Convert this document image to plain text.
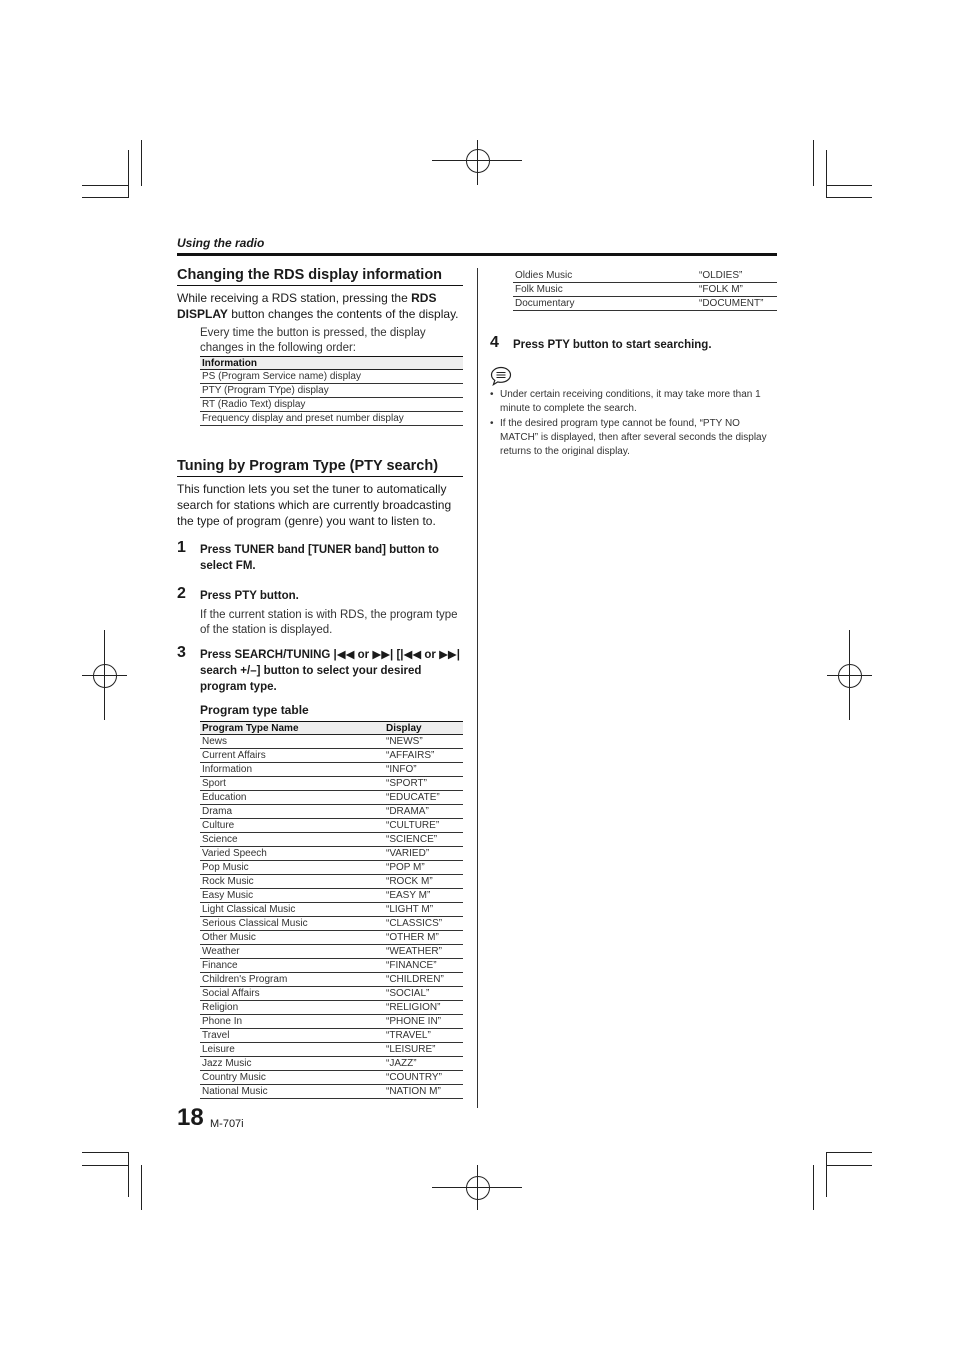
Using the radio
Changing the RDS display information
While receiving a RDS station, pressing the RDS DISPLAY button changes the contents of the display.
Every time the button is pressed, the display changes in the following order:
Information
PS (Program Service name) display
PTY (Program TYpe) display
RT (Radio Text) display
Frequency display and preset number display
Tuning by Program Type (PTY search)
This function lets you set the tuner to automatically search for stations which are currently broadcasting the type of program (genre) you want to listen to.
1 Press TUNER band [TUNER band] button to select FM.
2 Press PTY button.
If the current station is with RDS, the program type of the station is displayed.
3 Press SEARCH/TUNING |◀◀ or ▶▶| [|◀◀ or ▶▶| search +/–] button to select your desired program type.
Program type table
Program Type Name	Display
News	“NEWS”
Current Affairs	“AFFAIRS”
Information	“INFO”
Sport	“SPORT”
Education	“EDUCATE”
Drama	“DRAMA”
Culture	“CULTURE”
Science	“SCIENCE”
Varied Speech	“VARIED”
Pop Music	“POP M”
Rock Music	“ROCK M”
Easy Music	“EASY M”
Light Classical Music	“LIGHT M”
Serious Classical Music	“CLASSICS”
Other Music	“OTHER M”
Weather	“WEATHER”
Finance	“FINANCE”
Children's Program	“CHILDREN”
Social Affairs	“SOCIAL”
Religion	“RELIGION”
Phone In	“PHONE IN”
Travel	“TRAVEL”
Leisure	“LEISURE”
Jazz Music	“JAZZ”
Country Music	“COUNTRY”
National Music	“NATION M”
Oldies Music	“OLDIES”
Folk Music	“FOLK M”
Documentary	“DOCUMENT”
4 Press PTY button to start searching.
• Under certain receiving conditions, it may take more than 1 minute to complete the search.
• If the desired program type cannot be found, “PTY NO MATCH” is displayed, then after several seconds the display returns to the original display.
18 M-707i
